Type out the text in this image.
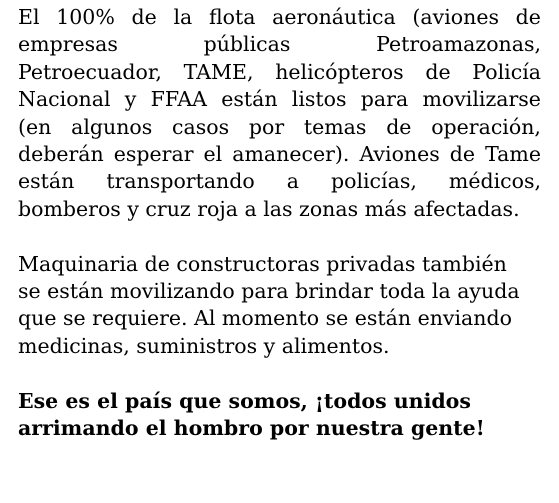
El 100% de la flota aeronáutica (aviones de
empresas	públicas	Petroamazonas,
Petroecuador, TAME, helicópteros de Policía
Nacional y FFAA están listos para movilizarse
(en algunos casos por temas de operación,
deberán esperar el amanecer). Aviones de Tame
están transportando a policías, médicos,
bomberos y cruz roja a las zonas más afectadas.

Maquinaria de constructoras privadas también
se están movilizando para brindar toda la ayuda
que se requiere. Al momento se están enviando
medicinas, suministros y alimentos.

Ese es el país que somos, ¡todos unidos
arrimando el hombro por nuestra gente!
